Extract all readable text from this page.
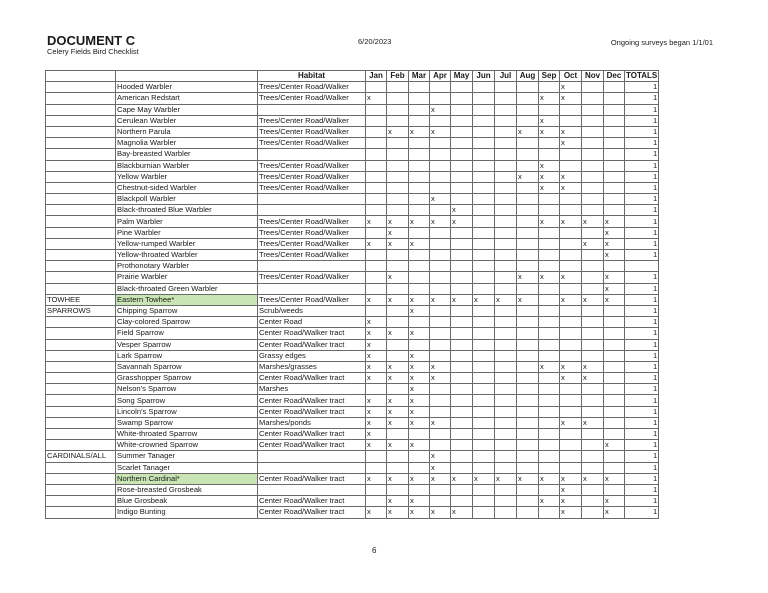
DOCUMENT C
Celery Fields Bird Checklist
6/20/2023	Ongoing surveys began 1/1/01
		Habitat	Jan	Feb	Mar	Apr	May	Jun	Jul	Aug	Sep	Oct	Nov	Dec	TOTALS
	Hooded Warbler	Trees/Center Road/Walker										x			1
	American Redstart	Trees/Center Road/Walker	x								x	x			1
	Cape May Warbler					x									1
	Cerulean Warbler	Trees/Center Road/Walker									x				1
	Northern Parula	Trees/Center Road/Walker		x	x	x				x	x	x			1
	Magnolia Warbler	Trees/Center Road/Walker										x			1
	Bay-breasted Warbler														1
	Blackburnian Warbler	Trees/Center Road/Walker									x				1
	Yellow Warbler	Trees/Center Road/Walker								x	x	x			1
	Chestnut-sided Warbler	Trees/Center Road/Walker									x	x			1
	Blackpoll Warbler					x									1
	Black-throated Blue Warbler						x								1
	Palm Warbler	Trees/Center Road/Walker	x	x	x	x	x				x	x	x	x	1
	Pine Warbler	Trees/Center Road/Walker		x										x	1
	Yellow-rumped Warbler	Trees/Center Road/Walker	x	x	x								x	x	1
	Yellow-throated Warbler	Trees/Center Road/Walker												x	1
	Prothonotary Warbler														
	Prairie Warbler	Trees/Center Road/Walker		x						x	x	x		x	1
	Black-throated Green Warbler													x	1
TOWHEE	Eastern Towhee*	Trees/Center Road/Walker	x	x	x	x	x	x	x	x		x	x	x	1
SPARROWS	Chipping Sparrow	Scrub/weeds			x										1
	Clay-colored Sparrow	Center Road	x												1
	Field Sparrow	Center Road/Walker tract	x	x	x										1
	Vesper Sparrow	Center Road/Walker tract	x												1
	Lark Sparrow	Grassy edges	x		x										1
	Savannah Sparrow	Marshes/grasses	x	x	x	x					x	x	x		1
	Grasshopper Sparrow	Center Road/Walker tract	x	x	x	x						x	x		1
	Nelson's Sparrow	Marshes			x										1
	Song Sparrow	Center Road/Walker tract	x	x	x										1
	Lincoln's Sparrow	Center Road/Walker tract	x	x	x										1
	Swamp Sparrow	Marshes/ponds	x	x	x	x						x	x		1
	White-throated Sparrow	Center Road/Walker tract	x												1
	White-crowned Sparrow	Center Road/Walker tract	x	x	x									x	1
CARDINALS/ALL	Summer Tanager					x									1
	Scarlet Tanager					x									1
	Northern Cardinal*	Center Road/Walker tract	x	x	x	x	x	x	x	x	x	x	x	x	1
	Rose-breasted Grosbeak											x			1
	Blue Grosbeak	Center Road/Walker tract		x	x						x	x		x	1
	Indigo Bunting	Center Road/Walker tract	x	x	x	x	x					x		x	1
6
